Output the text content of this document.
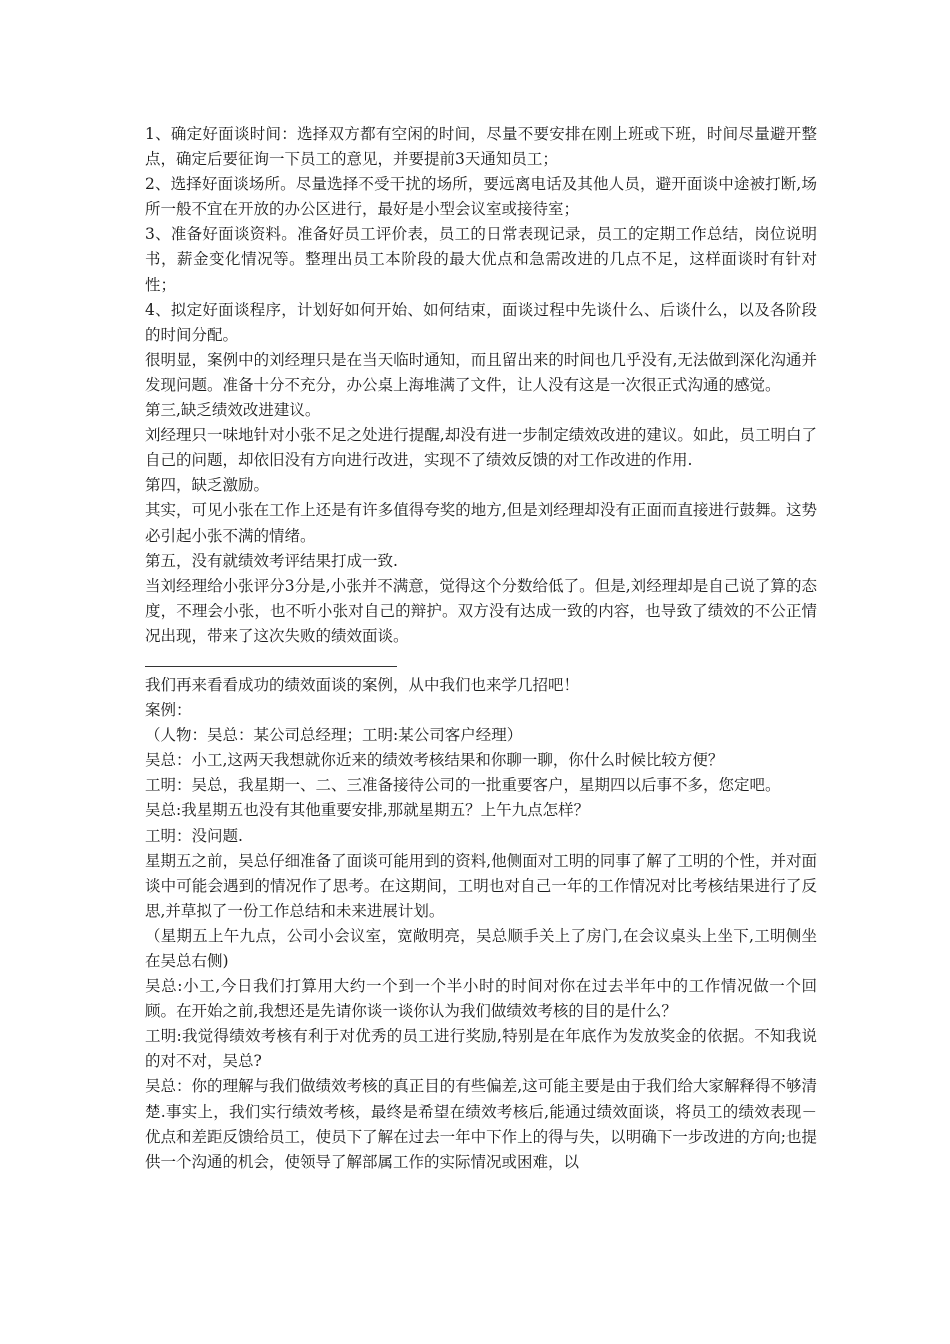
1、确定好面谈时间：选择双方都有空闲的时间，尽量不要安排在刚上班或下班，时间尽量避开整点，确定后要征询一下员工的意见，并要提前3天通知员工；

2、选择好面谈场所。尽量选择不受干扰的场所，要远离电话及其他人员，避开面谈中途被打断,场所一般不宜在开放的办公区进行，最好是小型会议室或接待室；

3、准备好面谈资料。准备好员工评价表，员工的日常表现记录，员工的定期工作总结，岗位说明书，薪金变化情况等。整理出员工本阶段的最大优点和急需改进的几点不足，这样面谈时有针对性；

4、拟定好面谈程序，计划好如何开始、如何结束，面谈过程中先谈什么、后谈什么，以及各阶段的时间分配。

很明显，案例中的刘经理只是在当天临时通知，而且留出来的时间也几乎没有,无法做到深化沟通并发现问题。准备十分不充分，办公桌上海堆满了文件，让人没有这是一次很正式沟通的感觉。

第三,缺乏绩效改进建议。

刘经理只一味地针对小张不足之处进行提醒,却没有进一步制定绩效改进的建议。如此，员工明白了自己的问题，却依旧没有方向进行改进，实现不了绩效反馈的对工作改进的作用.

第四，缺乏激励。

其实，可见小张在工作上还是有许多值得夸奖的地方,但是刘经理却没有正面而直接进行鼓舞。这势必引起小张不满的情绪。

第五，没有就绩效考评结果打成一致.

当刘经理给小张评分3分是,小张并不满意，觉得这个分数给低了。但是,刘经理却是自己说了算的态度，不理会小张，也不听小张对自己的辩护。双方没有达成一致的内容，也导致了绩效的不公正情况出现，带来了这次失败的绩效面谈。

我们再来看看成功的绩效面谈的案例，从中我们也来学几招吧！

案例：

（人物：吴总：某公司总经理；工明:某公司客户经理）

吴总：小工,这两天我想就你近来的绩效考核结果和你聊一聊，你什么时候比较方便？

工明：吴总，我星期一、二、三准备接待公司的一批重要客户，星期四以后事不多，您定吧。

吴总:我星期五也没有其他重要安排,那就星期五？上午九点怎样？

工明：没问题.

星期五之前，吴总仔细准备了面谈可能用到的资料,他侧面对工明的同事了解了工明的个性，并对面谈中可能会遇到的情况作了思考。在这期间，工明也对自己一年的工作情况对比考核结果进行了反思,并草拟了一份工作总结和未来进展计划。

（星期五上午九点，公司小会议室，宽敞明亮，吴总顺手关上了房门,在会议桌头上坐下,工明侧坐在吴总右侧)

吴总:小工,今日我们打算用大约一个到一个半小时的时间对你在过去半年中的工作情况做一个回顾。在开始之前,我想还是先请你谈一谈你认为我们做绩效考核的目的是什么？

工明:我觉得绩效考核有利于对优秀的员工进行奖励,特别是在年底作为发放奖金的依据。不知我说的对不对，吴总?

吴总：你的理解与我们做绩效考核的真正目的有些偏差,这可能主要是由于我们给大家解释得不够清楚.事实上，我们实行绩效考核，最终是希望在绩效考核后,能通过绩效面谈，将员工的绩效表现－优点和差距反馈给员工，使员下了解在过去一年中下作上的得与失，以明确下一步改进的方向;也提供一个沟通的机会，使领导了解部属工作的实际情况或困难，以
